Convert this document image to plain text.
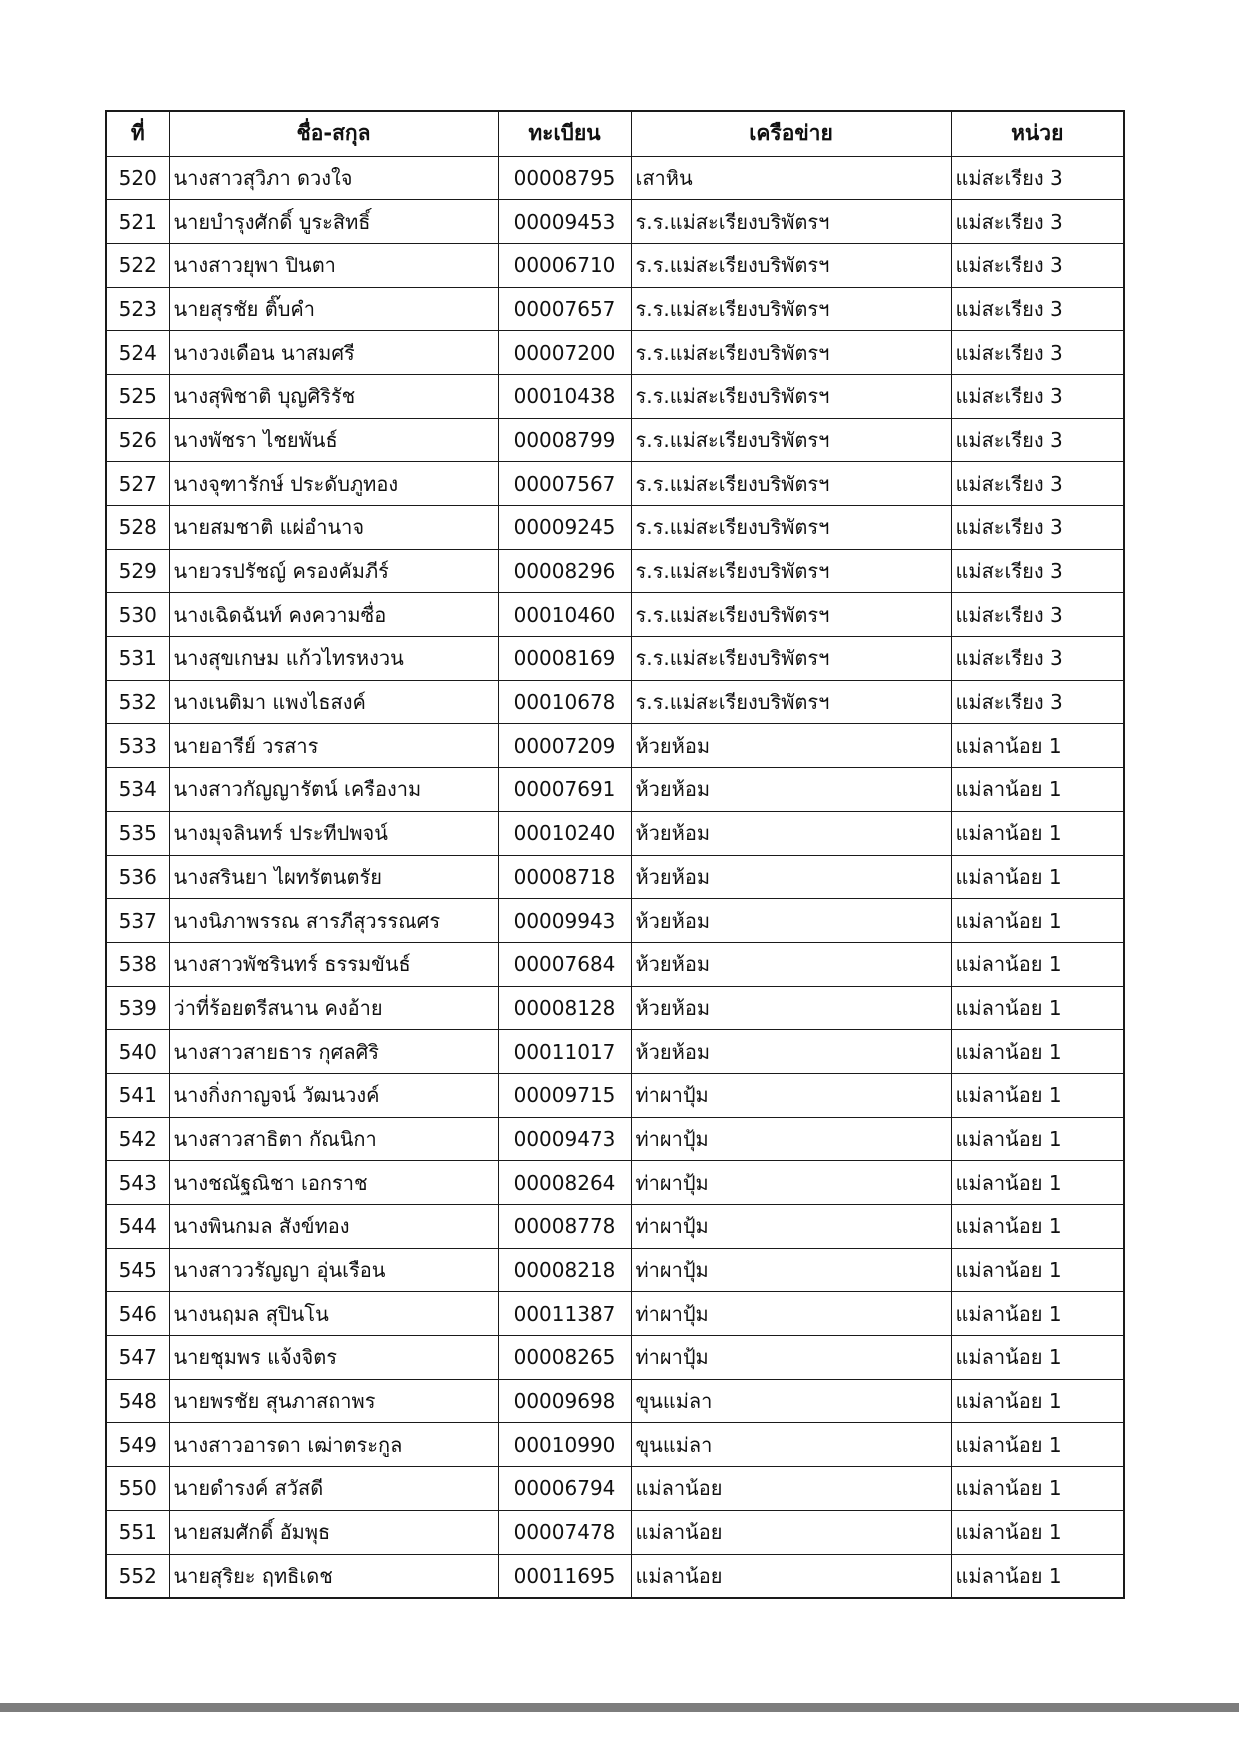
ที่	ชื่อ-สกุล	ทะเบียน	เครือข่าย	หน่วย
520	นางสาวสุวิภา ดวงใจ	00008795	เสาหิน	แม่สะเรียง 3
521	นายบำรุงศักดิ์ บูระสิทธิ์	00009453	ร.ร.แม่สะเรียงบริพัตรฯ	แม่สะเรียง 3
522	นางสาวยุพา ปินตา	00006710	ร.ร.แม่สะเรียงบริพัตรฯ	แม่สะเรียง 3
523	นายสุรชัย ติ๊บคำ	00007657	ร.ร.แม่สะเรียงบริพัตรฯ	แม่สะเรียง 3
524	นางวงเดือน นาสมศรี	00007200	ร.ร.แม่สะเรียงบริพัตรฯ	แม่สะเรียง 3
525	นางสุพิชาติ บุญศิริรัช	00010438	ร.ร.แม่สะเรียงบริพัตรฯ	แม่สะเรียง 3
526	นางพัชรา ไชยพันธ์	00008799	ร.ร.แม่สะเรียงบริพัตรฯ	แม่สะเรียง 3
527	นางจุฑารักษ์ ประดับภูทอง	00007567	ร.ร.แม่สะเรียงบริพัตรฯ	แม่สะเรียง 3
528	นายสมชาติ แผ่อำนาจ	00009245	ร.ร.แม่สะเรียงบริพัตรฯ	แม่สะเรียง 3
529	นายวรปรัชญ์ ครองคัมภีร์	00008296	ร.ร.แม่สะเรียงบริพัตรฯ	แม่สะเรียง 3
530	นางเฉิดฉันท์ คงความซื่อ	00010460	ร.ร.แม่สะเรียงบริพัตรฯ	แม่สะเรียง 3
531	นางสุขเกษม แก้วไทรหงวน	00008169	ร.ร.แม่สะเรียงบริพัตรฯ	แม่สะเรียง 3
532	นางเนติมา แพงไธสงค์	00010678	ร.ร.แม่สะเรียงบริพัตรฯ	แม่สะเรียง 3
533	นายอารีย์ วรสาร	00007209	ห้วยห้อม	แม่ลาน้อย 1
534	นางสาวกัญญารัตน์ เครืองาม	00007691	ห้วยห้อม	แม่ลาน้อย 1
535	นางมุจลินทร์ ประทีปพจน์	00010240	ห้วยห้อม	แม่ลาน้อย 1
536	นางสรินยา ไผทรัตนตรัย	00008718	ห้วยห้อม	แม่ลาน้อย 1
537	นางนิภาพรรณ สารภีสุวรรณศร	00009943	ห้วยห้อม	แม่ลาน้อย 1
538	นางสาวพัชรินทร์ ธรรมขันธ์	00007684	ห้วยห้อม	แม่ลาน้อย 1
539	ว่าที่ร้อยตรีสนาน คงอ้าย	00008128	ห้วยห้อม	แม่ลาน้อย 1
540	นางสาวสายธาร กุศลศิริ	00011017	ห้วยห้อม	แม่ลาน้อย 1
541	นางกิ่งกาญจน์ วัฒนวงค์	00009715	ท่าผาปุ้ม	แม่ลาน้อย 1
542	นางสาวสาธิตา กัณนิกา	00009473	ท่าผาปุ้ม	แม่ลาน้อย 1
543	นางชณัฐณิชา เอกราช	00008264	ท่าผาปุ้ม	แม่ลาน้อย 1
544	นางพินกมล สังข์ทอง	00008778	ท่าผาปุ้ม	แม่ลาน้อย 1
545	นางสาววรัญญา อุ่นเรือน	00008218	ท่าผาปุ้ม	แม่ลาน้อย 1
546	นางนฤมล สุปินโน	00011387	ท่าผาปุ้ม	แม่ลาน้อย 1
547	นายชุมพร แจ้งจิตร	00008265	ท่าผาปุ้ม	แม่ลาน้อย 1
548	นายพรชัย สุนภาสถาพร	00009698	ขุนแม่ลา	แม่ลาน้อย 1
549	นางสาวอารดา เฒ่าตระกูล	00010990	ขุนแม่ลา	แม่ลาน้อย 1
550	นายดำรงค์ สวัสดี	00006794	แม่ลาน้อย	แม่ลาน้อย 1
551	นายสมศักดิ์ อัมพุธ	00007478	แม่ลาน้อย	แม่ลาน้อย 1
552	นายสุริยะ ฤทธิเดช	00011695	แม่ลาน้อย	แม่ลาน้อย 1
